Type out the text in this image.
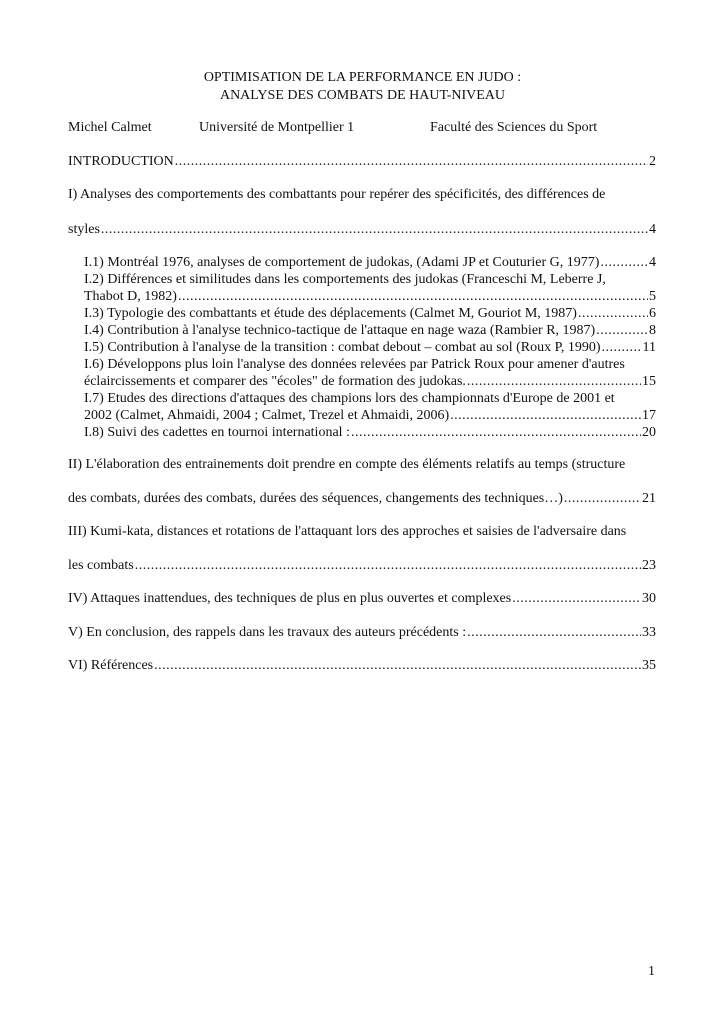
OPTIMISATION DE LA PERFORMANCE EN JUDO :
ANALYSE DES COMBATS DE HAUT-NIVEAU
Michel Calmet	Université de Montpellier 1	Faculté des Sciences du Sport
INTRODUCTION .....	2
I) Analyses des comportements des combattants pour repérer des spécificités, des différences de
styles .....	4
I.1) Montréal 1976, analyses de comportement de judokas, (Adami JP et Couturier G, 1977) .....	4
I.2) Différences et similitudes dans les comportements des judokas (Franceschi M, Leberre J,
Thabot D, 1982) .....	5
I.3) Typologie des combattants et étude des déplacements (Calmet M, Gouriot M, 1987) .....	6
I.4) Contribution à l'analyse technico-tactique de l'attaque en nage waza (Rambier R, 1987) .....	8
I.5) Contribution à l'analyse de la transition : combat debout – combat au sol (Roux P, 1990) .....	11
I.6) Développons plus loin l'analyse des données relevées par Patrick Roux pour amener d'autres
éclaircissements et comparer des "écoles" de formation des judokas. .....	15
I.7) Etudes des directions d'attaques des champions lors des championnats d'Europe de 2001 et
2002 (Calmet, Ahmaidi, 2004 ; Calmet, Trezel et Ahmaidi, 2006) .....	17
I.8) Suivi des cadettes en tournoi international : .....	20
II) L'élaboration des entrainements doit prendre en compte des éléments relatifs au temps (structure
des combats, durées des combats, durées des séquences, changements des techniques…) .....	21
III) Kumi-kata, distances et rotations de l'attaquant lors des approches et saisies de l'adversaire dans
les combats .....	23
IV) Attaques inattendues, des techniques de plus en plus ouvertes et complexes .....	30
V) En conclusion, des rappels dans les travaux des auteurs précédents : .....	33
VI) Références .....	35
1
